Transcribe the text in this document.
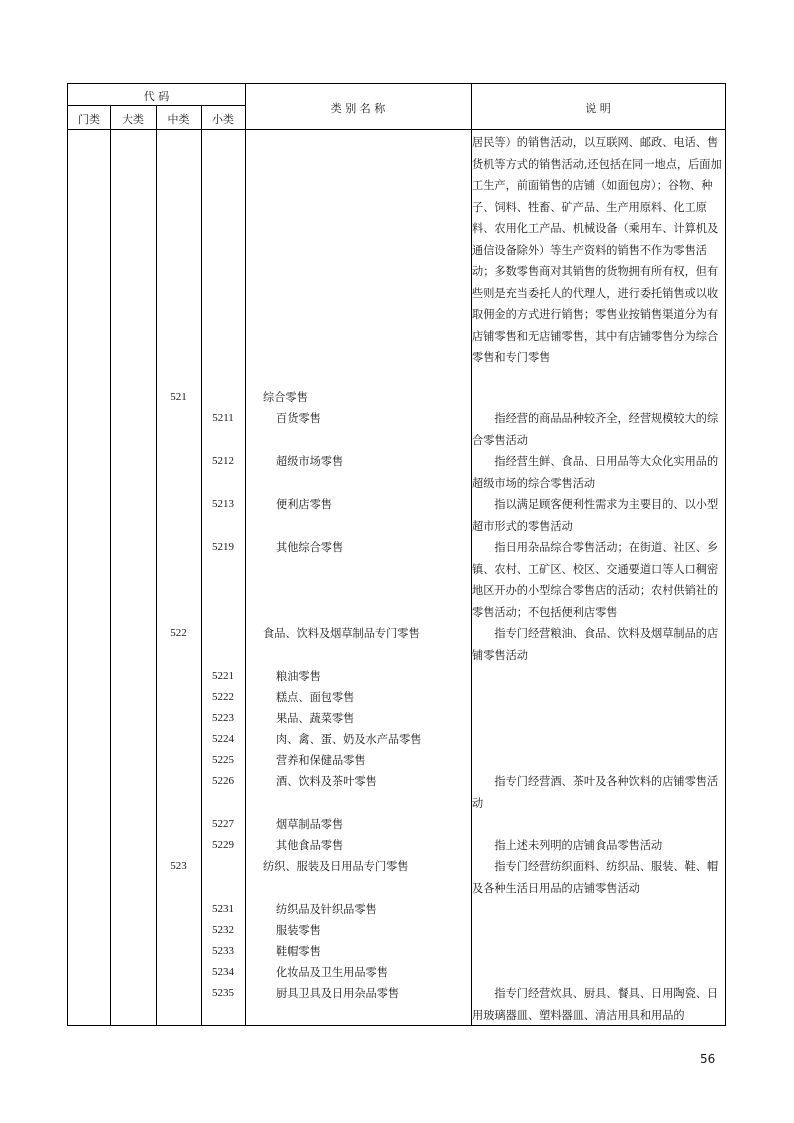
代 码
门类	大类	中类	小类
类 别 名 称	说 明
居民等）的销售活动，以互联网、邮政、电话、售货机等方式的销售活动,还包括在同一地点，后面加工生产，前面销售的店铺（如面包房）；谷物、种子、饲料、牲畜、矿产品、生产用原料、化工原料、农用化工产品、机械设备（乘用车、计算机及通信设备除外）等生产资料的销售不作为零售活动；多数零售商对其销售的货物拥有所有权，但有些则是充当委托人的代理人，进行委托销售或以收取佣金的方式进行销售；零售业按销售渠道分为有店铺零售和无店铺零售，其中有店铺零售分为综合零售和专门零售
521	综合零售
5211	百货零售	指经营的商品品种较齐全，经营规模较大的综合零售活动
5212	超级市场零售	指经营生鲜、食品、日用品等大众化实用品的超级市场的综合零售活动
5213	便利店零售	指以满足顾客便利性需求为主要目的、以小型超市形式的零售活动
5219	其他综合零售	指日用杂品综合零售活动；在街道、社区、乡镇、农村、工矿区、校区、交通要道口等人口稠密地区开办的小型综合零售店的活动；农村供销社的零售活动；不包括便利店零售
522	食品、饮料及烟草制品专门零售	指专门经营粮油、食品、饮料及烟草制品的店铺零售活动
5221	粮油零售
5222	糕点、面包零售
5223	果品、蔬菜零售
5224	肉、禽、蛋、奶及水产品零售
5225	营养和保健品零售
5226	酒、饮料及茶叶零售	指专门经营酒、茶叶及各种饮料的店铺零售活动
5227	烟草制品零售
5229	其他食品零售	指上述未列明的店铺食品零售活动
523	纺织、服装及日用品专门零售	指专门经营纺织面料、纺织品、服装、鞋、帽及各种生活日用品的店铺零售活动
5231	纺织品及针织品零售
5232	服装零售
5233	鞋帽零售
5234	化妆品及卫生用品零售
5235	厨具卫具及日用杂品零售	指专门经营炊具、厨具、餐具、日用陶瓷、日用玻璃器皿、塑料器皿、清洁用具和用品的
56
